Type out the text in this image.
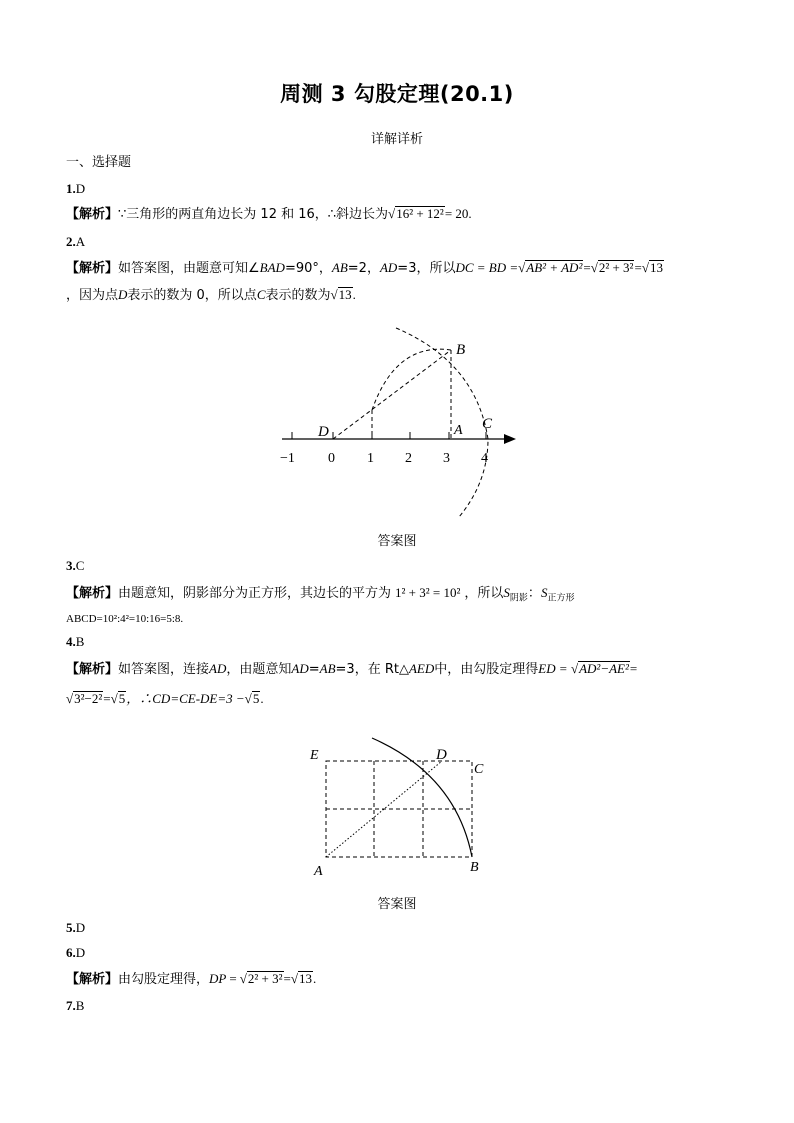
周测 3 勾股定理(20.1)
详解详析
一、选择题
1.D
【解析】∵三角形的两直角边长为 12 和 16，∴斜边长为√16² + 12²= 20.
2.A
【解析】如答案图，由题意可知∠BAD=90°，AB=2，AD=3，所以DC = BD =√AB² + AD²=√2² + 3²=√13
，因为点D表示的数为 0，所以点C表示的数为√13.
−1 0 1 2 3 4
D	A
B
C
答案图
3.C
【解析】由题意知，阴影部分为正方形，其边长的平方为 1² + 3² = 10² ，所以$S_{阴影}$：$S_{正方形}$
ABCD=10²:4²=10:16=5:8.
4.B
【解析】如答案图，连接AD，由题意知AD=AB=3，在 Rt△AED中，由勾股定理得ED = √AD²−AE²=
√3²−2²=√5，∴CD=CE-DE=3 −√5.
E	D
C
A	B
答案图
5.D
6.D
【解析】由勾股定理得，DP = √2² + 3²=√13.
7.B
